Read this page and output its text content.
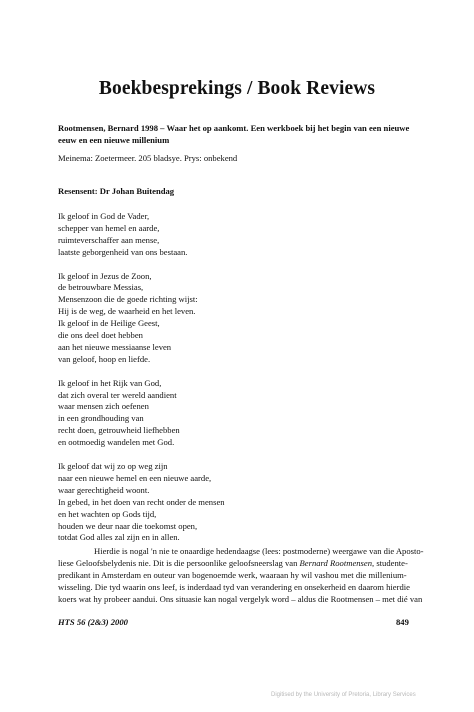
Boekbesprekings / Book Reviews
Rootmensen, Bernard 1998 – Waar het op aankomt. Een werkboek bij het begin van een nieuwe
eeuw en een nieuwe millenium
Meinema: Zoetermeer. 205 bladsye. Prys: onbekend
Resensent: Dr Johan Buitendag
Ik geloof in God de Vader,
schepper van hemel en aarde,
ruimteverschaffer aan mense,
laatste geborgenheid van ons bestaan.
Ik geloof in Jezus de Zoon,
de betrouwbare Messias,
Mensenzoon die de goede richting wijst:
Hij is de weg, de waarheid en het leven.
Ik geloof in de Heilige Geest,
die ons deel doet hebben
aan het nieuwe messiaanse leven
van geloof, hoop en liefde.
Ik geloof in het Rijk van God,
dat zich overal ter wereld aandient
waar mensen zich oefenen
in een grondhouding van
recht doen, getrouwheid liefhebben
en ootmoedig wandelen met God.
Ik geloof dat wij zo op weg zijn
naar een nieuwe hemel en een nieuwe aarde,
waar gerechtigheid woont.
In gebed, in het doen van recht onder de mensen
en het wachten op Gods tijd,
houden we deur naar die toekomst open,
totdat God alles zal zijn en in allen.
Hierdie is nogal 'n nie te onaardige hedendaagse (lees: postmoderne) weergawe van die Aposto-
liese Geloofsbelydenis nie. Dit is die persoonlike geloofsneerslag van Bernard Rootmensen, studente-
predikant in Amsterdam en outeur van bogenoemde werk, waaraan hy wil vashou met die millenium-
wisseling. Die tyd waarin ons leef, is inderdaad tyd van verandering en onsekerheid en daarom hierdie
koers wat hy probeer aandui. Ons situasie kan nogal vergelyk word – aldus die Rootmensen – met dié van
HTS 56 (2&3) 2000	849
Digitised by the University of Pretoria, Library Services
